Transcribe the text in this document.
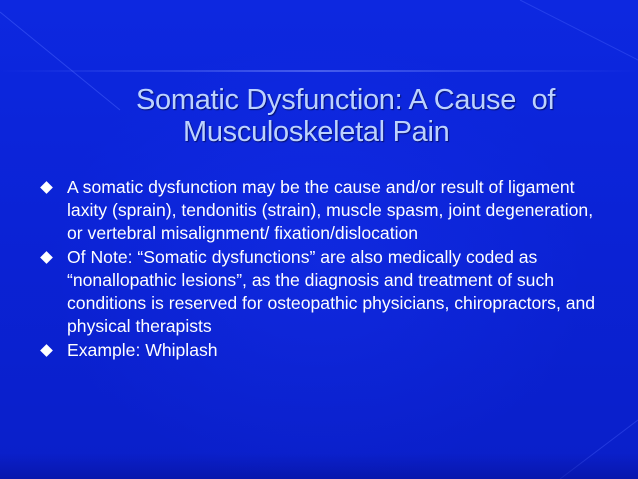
Somatic Dysfunction: A Cause  of
Musculoskeletal Pain
A somatic dysfunction may be the cause and/or result of ligament laxity (sprain), tendonitis (strain), muscle spasm, joint degeneration, or vertebral misalignment/ fixation/dislocation
Of Note: “Somatic dysfunctions” are also medically coded as “nonallopathic lesions”, as the diagnosis and treatment of such conditions is reserved for osteopathic physicians, chiropractors, and physical therapists
Example: Whiplash
